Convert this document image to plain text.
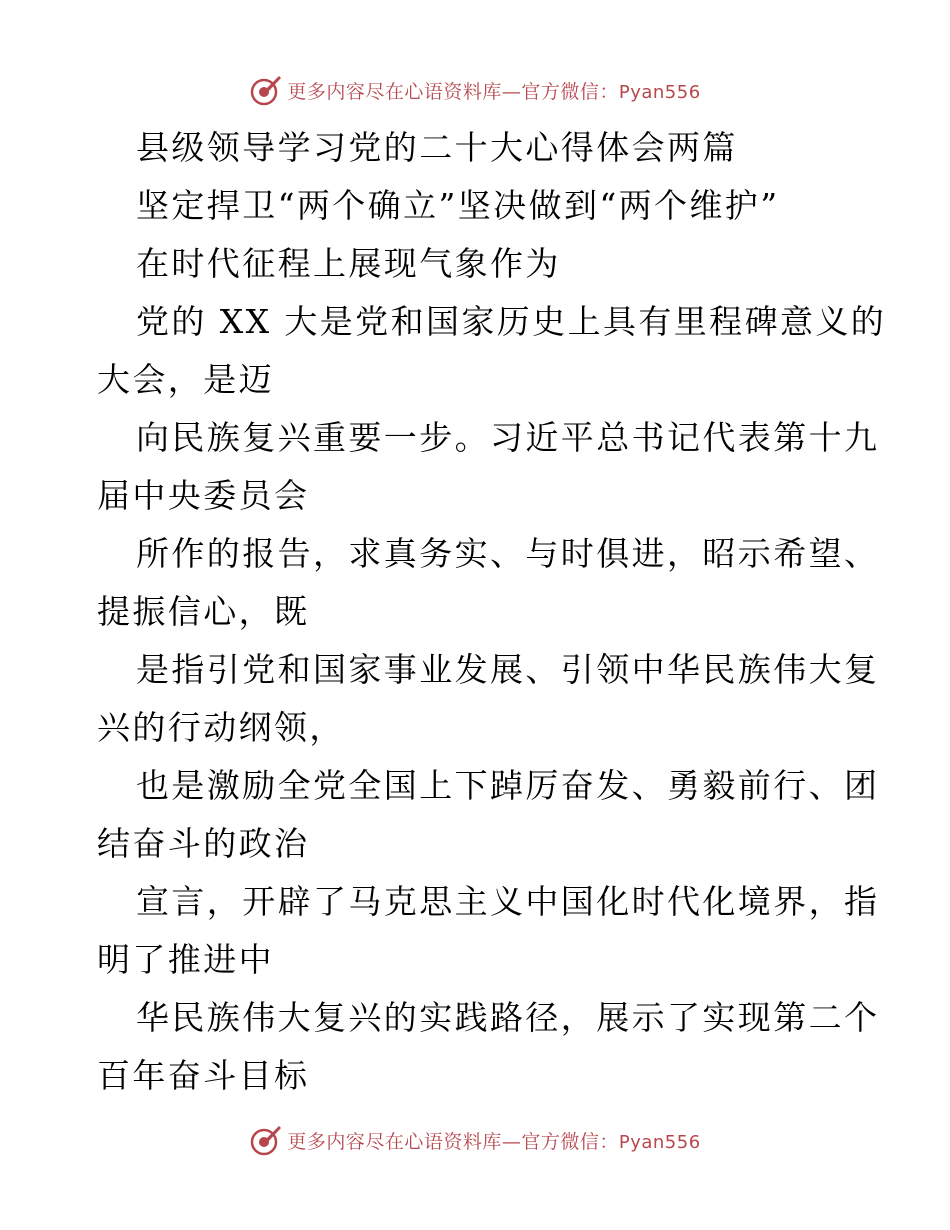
更多内容尽在心语资料库—官方微信：Pyan556
县级领导学习党的二十大心得体会两篇
坚定捍卫“两个确立”坚决做到“两个维护”
在时代征程上展现气象作为
党的 XX 大是党和国家历史上具有里程碑意义的
大会，是迈
向民族复兴重要一步。习近平总书记代表第十九
届中央委员会
所作的报告，求真务实、与时俱进，昭示希望、
提振信心，既
是指引党和国家事业发展、引领中华民族伟大复
兴的行动纲领，
也是激励全党全国上下踔厉奋发、勇毅前行、团
结奋斗的政治
宣言，开辟了马克思主义中国化时代化境界，指
明了推进中
华民族伟大复兴的实践路径，展示了实现第二个
百年奋斗目标
更多内容尽在心语资料库—官方微信：Pyan556
